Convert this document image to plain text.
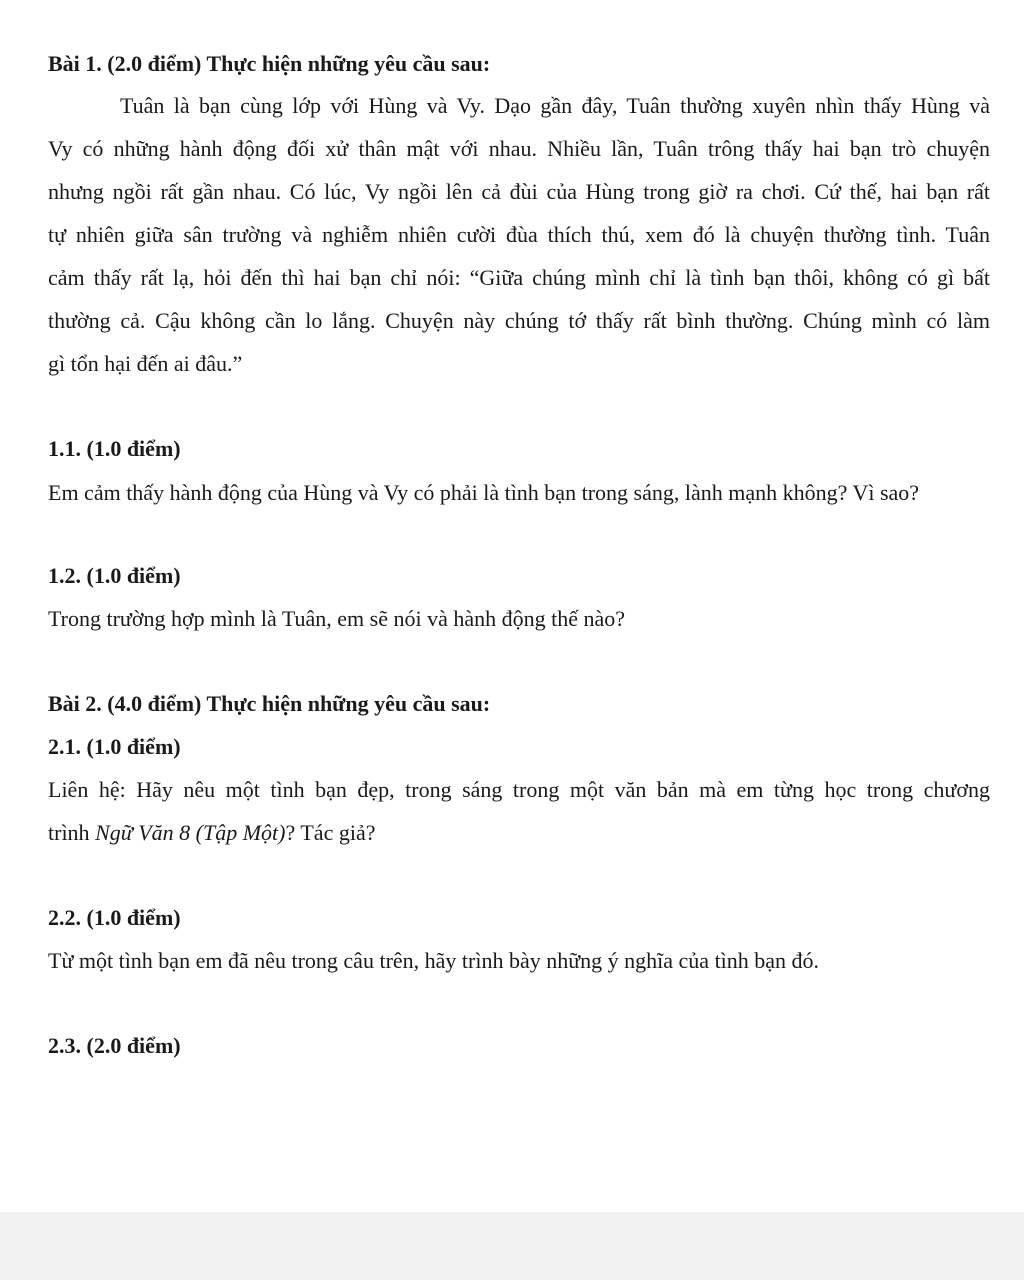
Bài 1. (2.0 điểm) Thực hiện những yêu cầu sau:
Tuân là bạn cùng lớp với Hùng và Vy. Dạo gần đây, Tuân thường xuyên nhìn thấy Hùng và
Vy có những hành động đối xử thân mật với nhau. Nhiều lần, Tuân trông thấy hai bạn trò chuyện
nhưng ngồi rất gần nhau. Có lúc, Vy ngồi lên cả đùi của Hùng trong giờ ra chơi. Cứ thế, hai bạn rất
tự nhiên giữa sân trường và nghiễm nhiên cười đùa thích thú, xem đó là chuyện thường tình. Tuân
cảm thấy rất lạ, hỏi đến thì hai bạn chỉ nói: “Giữa chúng mình chỉ là tình bạn thôi, không có gì bất
thường cả. Cậu không cần lo lắng. Chuyện này chúng tớ thấy rất bình thường. Chúng mình có làm
gì tổn hại đến ai đâu.”
1.1. (1.0 điểm)
Em cảm thấy hành động của Hùng và Vy có phải là tình bạn trong sáng, lành mạnh không? Vì sao?
1.2. (1.0 điểm)
Trong trường hợp mình là Tuân, em sẽ nói và hành động thế nào?
Bài 2. (4.0 điểm) Thực hiện những yêu cầu sau:
2.1. (1.0 điểm)
Liên hệ: Hãy nêu một tình bạn đẹp, trong sáng trong một văn bản mà em từng học trong chương
trình Ngữ Văn 8 (Tập Một)? Tác giả?
2.2. (1.0 điểm)
Từ một tình bạn em đã nêu trong câu trên, hãy trình bày những ý nghĩa của tình bạn đó.
2.3. (2.0 điểm)
